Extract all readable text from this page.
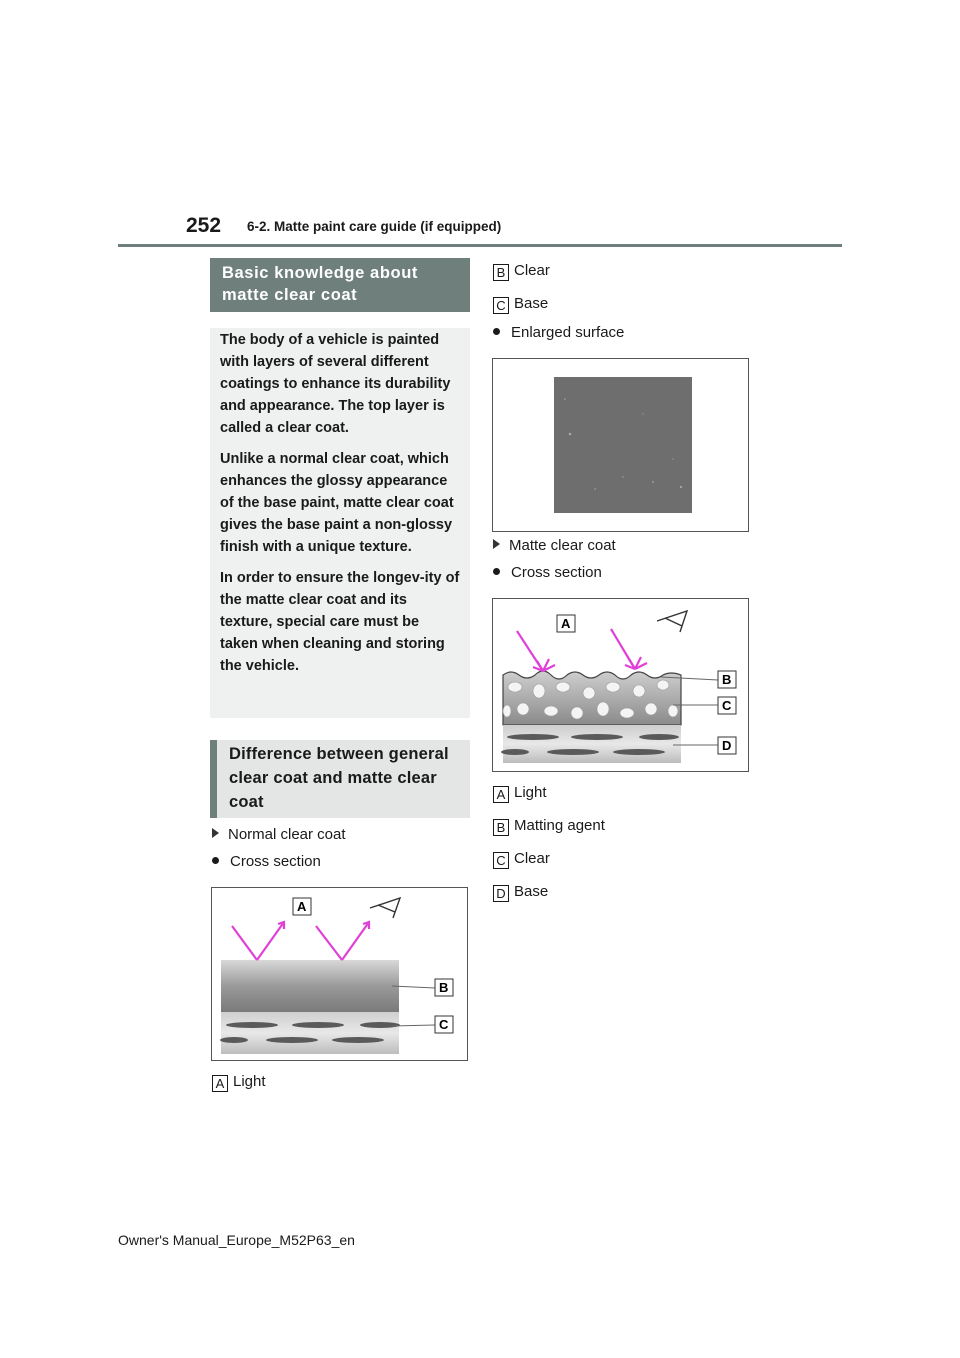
252 6-2. Matte paint care guide (if equipped)
Basic knowledge about matte clear coat

The body of a vehicle is painted with layers of several different coatings to enhance its durability and appearance. The top layer is called a clear coat.

Unlike a normal clear coat, which enhances the glossy appearance of the base paint, matte clear coat gives the base paint a non-glossy finish with a unique texture.

In order to ensure the longev-ity of the matte clear coat and its texture, special care must be taken when cleaning and storing the vehicle.

Difference between general clear coat and matte clear coat
Normal clear coat
Cross section
A
B
C
A Light
B Clear
C Base
Enlarged surface
Matte clear coat
Cross section
A
B
C
D
A Light
B Matting agent
C Clear
D Base
Owner's Manual_Europe_M52P63_en
